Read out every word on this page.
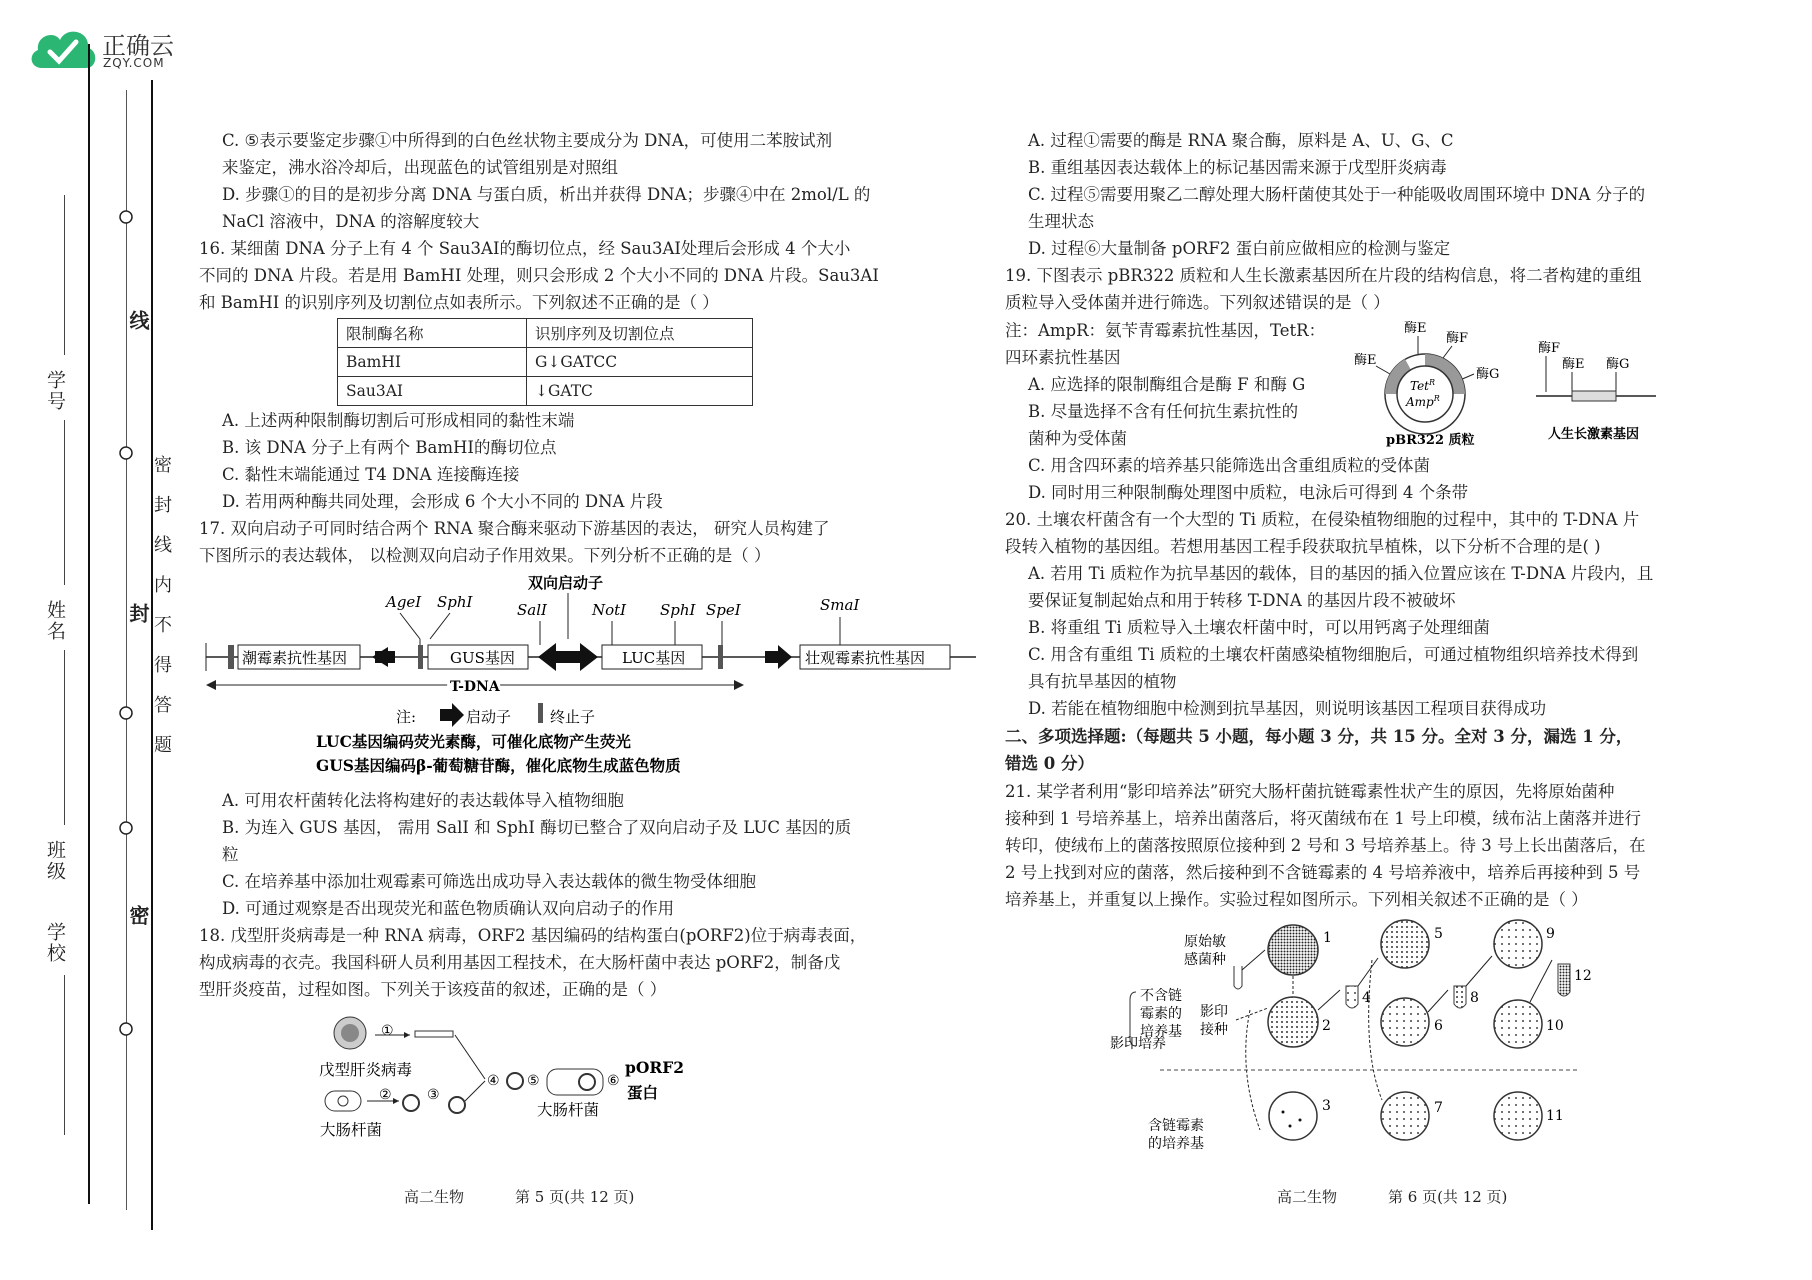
正确云
ZQY.COM
学号
姓名
班级
学校
线
封
密
密封线内不得答题
C. ⑤表示要鉴定步骤①中所得到的白色丝状物主要成分为 DNA，可使用二苯胺试剂
来鉴定，沸水浴冷却后，出现蓝色的试管组别是对照组
D. 步骤①的目的是初步分离 DNA 与蛋白质，析出并获得 DNA；步骤④中在 2mol/L 的
NaCl 溶液中，DNA 的溶解度较大
16. 某细菌 DNA 分子上有 4 个 Sau3AⅠ的酶切位点，经 Sau3AⅠ处理后会形成 4 个大小
不同的 DNA 片段。若是用 BamHI 处理，则只会形成 2 个大小不同的 DNA 片段。Sau3AⅠ
和 BamHI 的识别序列及切割位点如表所示。下列叙述不正确的是（ ）
限制酶名称	识别序列及切割位点
BamHI	G↓GATCC
Sau3AI	↓GATC
A. 上述两种限制酶切割后可形成相同的黏性末端
B. 该 DNA 分子上有两个 BamHⅠ的酶切位点
C. 黏性末端能通过 T4 DNA 连接酶连接
D. 若用两种酶共同处理，会形成 6 个大小不同的 DNA 片段
17. 双向启动子可同时结合两个 RNA 聚合酶来驱动下游基因的表达， 研究人员构建了
下图所示的表达载体， 以检测双向启动子作用效果。下列分析不正确的是（ ）
双向启动子
AgeⅠ SphⅠ	SalⅠ	NotⅠ SphⅠ SpeⅠ	SmaⅠ
潮霉素抗性基因	GUS基因	LUC基因	壮观霉素抗性基因
T-DNA
注:	启动子	终止子
LUC基因编码荧光素酶，可催化底物产生荧光
GUS基因编码β-葡萄糖苷酶，催化底物生成蓝色物质
A. 可用农杆菌转化法将构建好的表达载体导入植物细胞
B. 为连入 GUS 基因， 需用 SalI 和 SphI 酶切已整合了双向启动子及 LUC 基因的质
粒
C. 在培养基中添加壮观霉素可筛选出成功导入表达载体的微生物受体细胞
D. 可通过观察是否出现荧光和蓝色物质确认双向启动子的作用
18. 戊型肝炎病毒是一种 RNA 病毒，ORF2 基因编码的结构蛋白(pORF2)位于病毒表面，
构成病毒的衣壳。我国科研人员利用基因工程技术，在大肠杆菌中表达 pORF2，制备戊
型肝炎疫苗，过程如图。下列关于该疫苗的叙述，正确的是（ ）
戊型肝炎病毒
①
大肠杆菌
②	③
④ ⑤
大肠杆菌
⑥
pORF2
蛋白
高二生物	第 5 页(共 12 页)
A. 过程①需要的酶是 RNA 聚合酶，原料是 A、U、G、C
B. 重组基因表达载体上的标记基因需来源于戊型肝炎病毒
C. 过程⑤需要用聚乙二醇处理大肠杆菌使其处于一种能吸收周围环境中 DNA 分子的
生理状态
D. 过程⑥大量制备 pORF2 蛋白前应做相应的检测与鉴定
19. 下图表示 pBR322 质粒和人生长激素基因所在片段的结构信息，将二者构建的重组
质粒导入受体菌并进行筛选。下列叙述错误的是（ ）
注：AmpR：氨苄青霉素抗性基因，TetR：
四环素抗性基因
酶E
酶F
酶E
酶G
Tet$^R$
Amp$^R$
pBR322 质粒
酶F
酶E 酶G
人生长激素基因
A. 应选择的限制酶组合是酶 F 和酶 G
B. 尽量选择不含有任何抗生素抗性的
菌种为受体菌
C. 用含四环素的培养基只能筛选出含重组质粒的受体菌
D. 同时用三种限制酶处理图中质粒，电泳后可得到 4 个条带
20. 土壤农杆菌含有一个大型的 Ti 质粒，在侵染植物细胞的过程中，其中的 T-DNA 片
段转入植物的基因组。若想用基因工程手段获取抗旱植株，以下分析不合理的是( )
A. 若用 Ti 质粒作为抗旱基因的载体，目的基因的插入位置应该在 T-DNA 片段内，且
要保证复制起始点和用于转移 T-DNA 的基因片段不被破坏
B. 将重组 Ti 质粒导入土壤农杆菌中时，可以用钙离子处理细菌
C. 用含有重组 Ti 质粒的土壤农杆菌感染植物细胞后，可通过植物组织培养技术得到
具有抗旱基因的植物
D. 若能在植物细胞中检测到抗旱基因，则说明该基因工程项目获得成功
二、多项选择题:（每题共 5 小题，每小题 3 分，共 15 分。全对 3 分，漏选 1 分，
错选 0 分）
21. 某学者利用“影印培养法”研究大肠杆菌抗链霉素性状产生的原因，先将原始菌种
接种到 1 号培养基上，培养出菌落后，将灭菌绒布在 1 号上印模，绒布沾上菌落并进行
转印，使绒布上的菌落按照原位接种到 2 号和 3 号培养基上。待 3 号上长出菌落后，在
2 号上找到对应的菌落，然后接种到不含链霉素的 4 号培养液中，培养后再接种到 5 号
培养基上，并重复以上操作。实验过程如图所示。下列相关叙述不正确的是（ ）
原始敏
感菌种
1
不含链
霉素的
培养基
影印
接种	2
影印培养
3
含链霉素
的培养基
4
5
6
7
8
9
10
11
12
高二生物	第 6 页(共 12 页)
